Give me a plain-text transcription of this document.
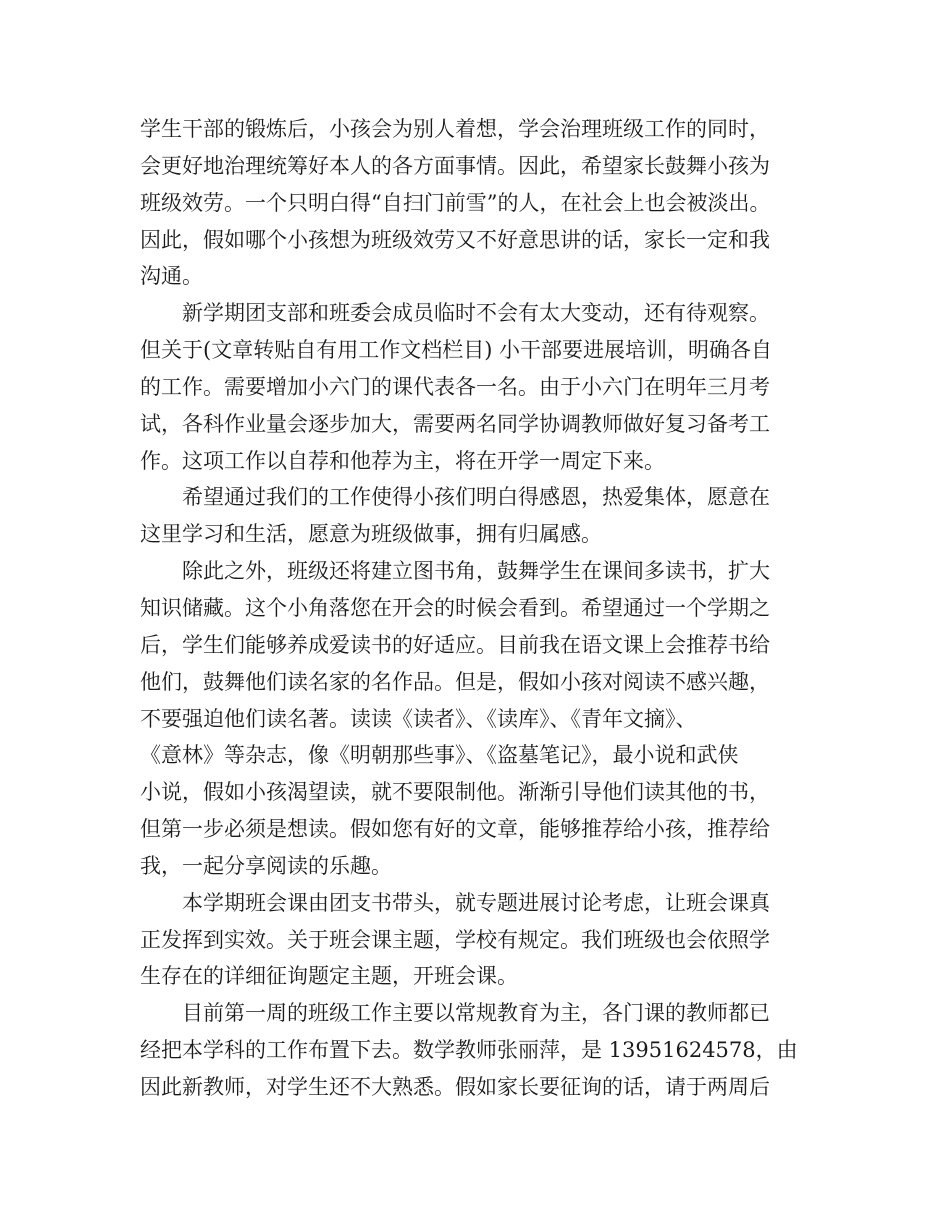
学生干部的锻炼后，小孩会为别人着想，学会治理班级工作的同时，
会更好地治理统筹好本人的各方面事情。因此，希望家长鼓舞小孩为
班级效劳。一个只明白得“自扫门前雪”的人，在社会上也会被淡出。
因此，假如哪个小孩想为班级效劳又不好意思讲的话，家长一定和我
沟通。
新学期团支部和班委会成员临时不会有太大变动，还有待观察。
但关于(文章转贴自有用工作文档栏目) 小干部要进展培训，明确各自
的工作。需要增加小六门的课代表各一名。由于小六门在明年三月考
试，各科作业量会逐步加大，需要两名同学协调教师做好复习备考工
作。这项工作以自荐和他荐为主，将在开学一周定下来。
希望通过我们的工作使得小孩们明白得感恩，热爱集体，愿意在
这里学习和生活，愿意为班级做事，拥有归属感。
除此之外，班级还将建立图书角，鼓舞学生在课间多读书，扩大
知识储藏。这个小角落您在开会的时候会看到。希望通过一个学期之
后，学生们能够养成爱读书的好适应。目前我在语文课上会推荐书给
他们，鼓舞他们读名家的名作品。但是，假如小孩对阅读不感兴趣，
不要强迫他们读名著。读读《读者》、《读库》、《青年文摘》、
《意林》等杂志，像《明朝那些事》、《盗墓笔记》，最小说和武侠
小说，假如小孩渴望读，就不要限制他。渐渐引导他们读其他的书，
但第一步必须是想读。假如您有好的文章，能够推荐给小孩，推荐给
我，一起分享阅读的乐趣。
本学期班会课由团支书带头，就专题进展讨论考虑，让班会课真
正发挥到实效。关于班会课主题，学校有规定。我们班级也会依照学
生存在的详细征询题定主题，开班会课。
目前第一周的班级工作主要以常规教育为主，各门课的教师都已
经把本学科的工作布置下去。数学教师张丽萍，是 13951624578，由
因此新教师，对学生还不大熟悉。假如家长要征询的话，请于两周后
